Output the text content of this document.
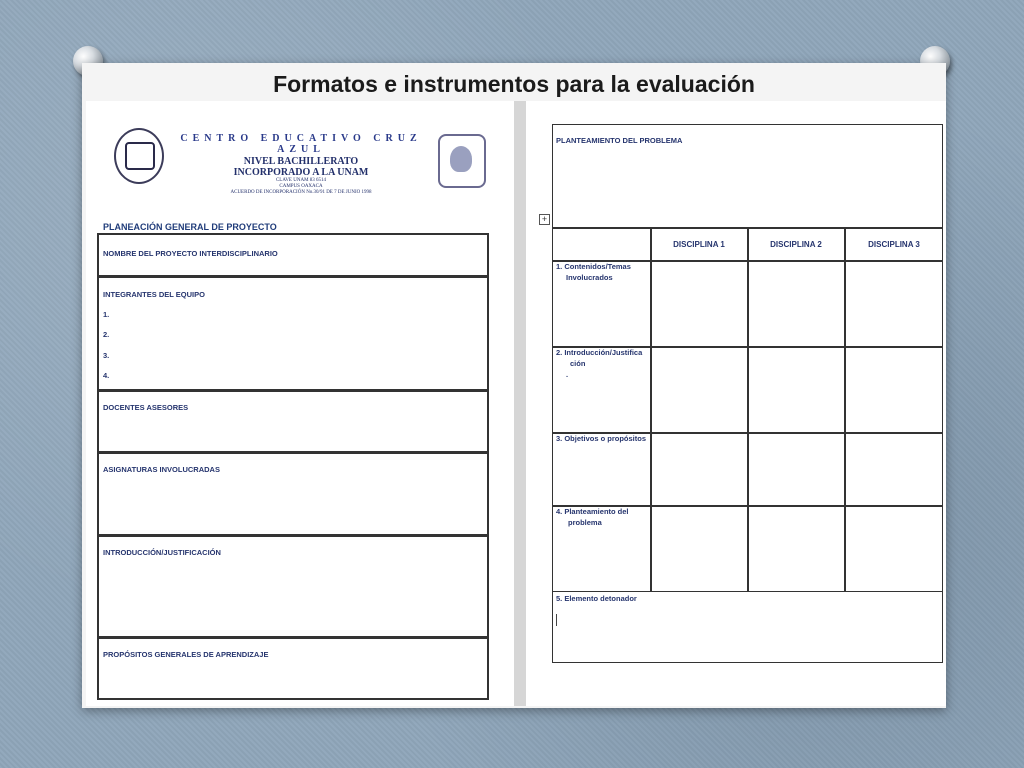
Formatos e instrumentos para la evaluación
CENTRO EDUCATIVO CRUZ AZUL
NIVEL BACHILLERATO
INCORPORADO A LA UNAM
CLAVE UNAM 83 6514
CAMPUS OAXACA
ACUERDO DE INCORPORACIÓN No.30/91 DE 7 DE JUNIO 1998
PLANEACIÓN GENERAL DE PROYECTO
NOMBRE DEL PROYECTO INTERDISCIPLINARIO
INTEGRANTES DEL EQUIPO
1.
2.
3.
4.
DOCENTES ASESORES
ASIGNATURAS INVOLUCRADAS
INTRODUCCIÓN/JUSTIFICACIÓN
PROPÓSITOS GENERALES DE APRENDIZAJE
PLANTEAMIENTO DEL PROBLEMA
DISCIPLINA 1	DISCIPLINA 2	DISCIPLINA 3
1. Contenidos/Temas
Involucrados
2. Introducción/Justifica
ción
.
3. Objetivos o propósitos
4. Planteamiento del
problema
5. Elemento detonador
+
